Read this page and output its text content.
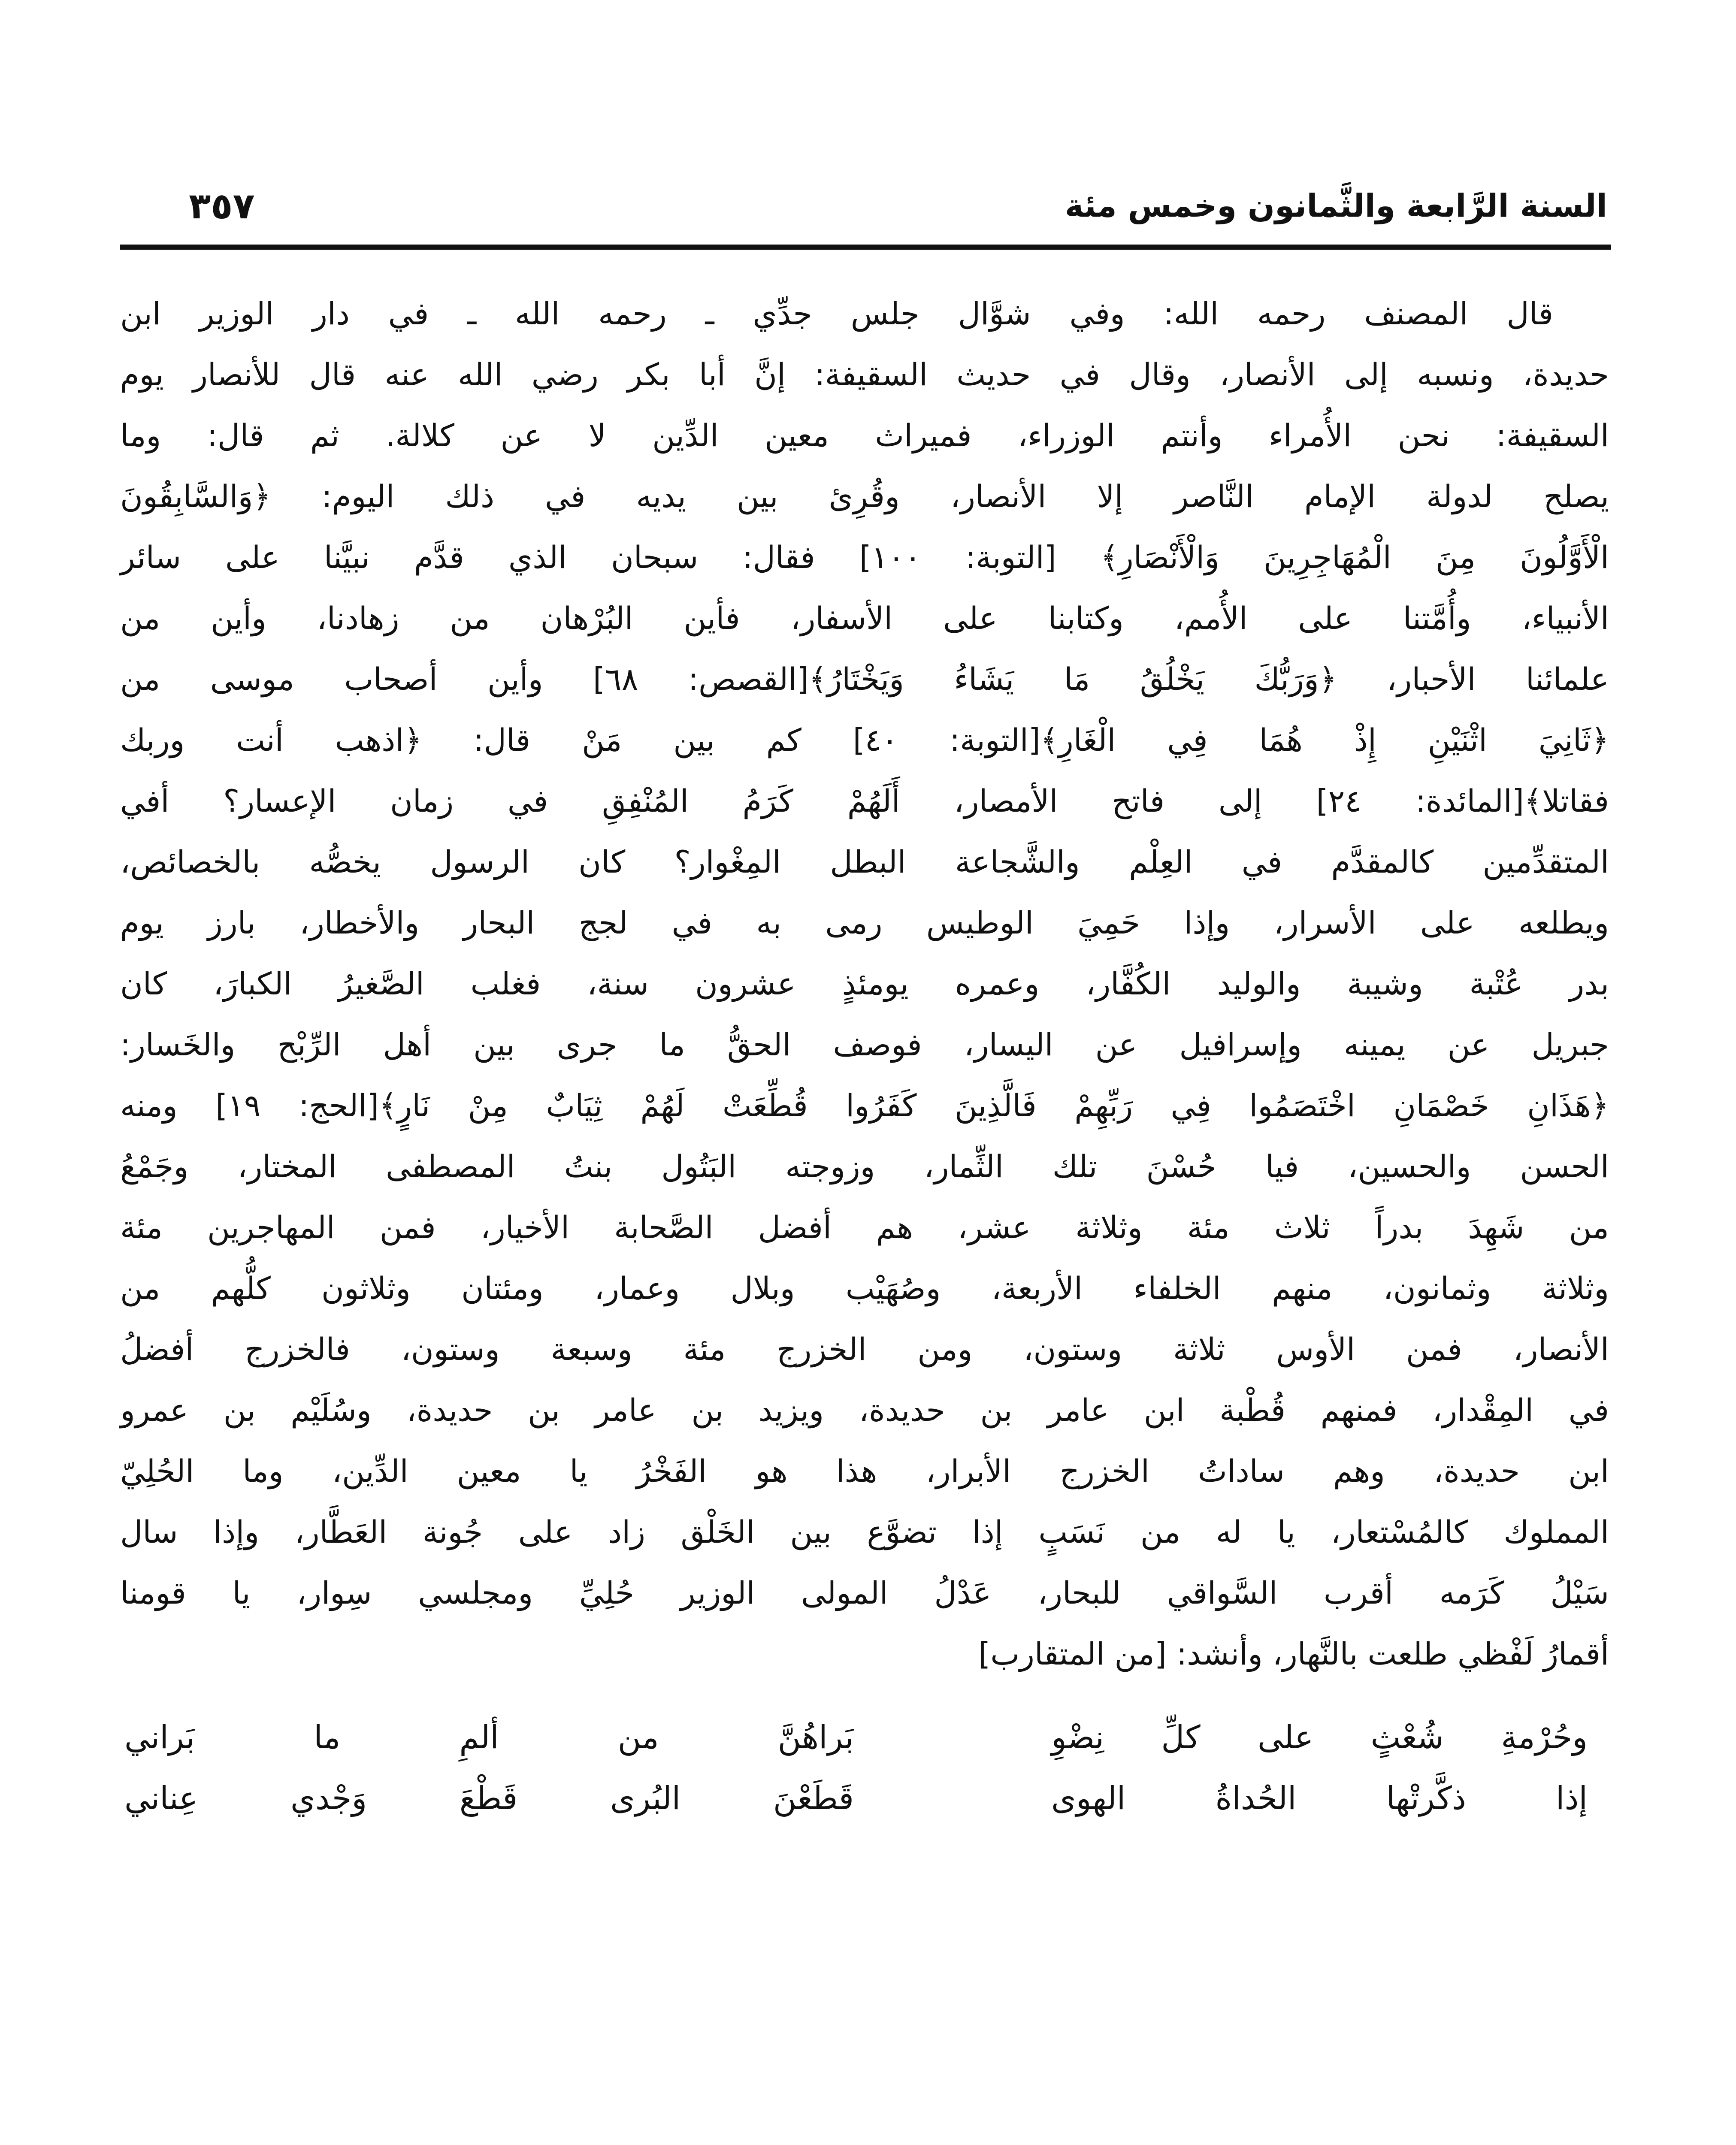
السنة الرَّابعة والثَّمانون وخمس مئة
٣٥٧
قال المصنف رحمه الله: وفي شوَّال جلس جدِّي ـ رحمه الله ـ في دار الوزير ابن
حديدة، ونسبه إلى الأنصار، وقال في حديث السقيفة: إنَّ أبا بكر رضي الله عنه قال للأنصار يوم
السقيفة: نحن الأُمراء وأنتم الوزراء، فميراث معين الدِّين لا عن كلالة. ثم قال: وما
يصلح لدولة الإمام النَّاصر إلا الأنصار، وقُرِئ بين يديه في ذلك اليوم: ﴿وَالسَّابِقُونَ
الْأَوَّلُونَ مِنَ الْمُهَاجِرِينَ وَالْأَنْصَارِ﴾ [التوبة: ١٠٠] فقال: سبحان الذي قدَّم نبيَّنا على سائر
الأنبياء، وأُمَّتنا على الأُمم، وكتابنا على الأسفار، فأين البُرْهان من زهادنا، وأين من
علمائنا الأحبار، ﴿وَرَبُّكَ يَخْلُقُ مَا يَشَاءُ وَيَخْتَارُ﴾[القصص: ٦٨] وأين أصحاب موسى من
﴿ثَانِيَ اثْنَيْنِ إِذْ هُمَا فِي الْغَارِ﴾[التوبة: ٤٠] كم بين مَنْ قال: ﴿اذهب أنت وربك
فقاتلا﴾[المائدة: ٢٤] إلى فاتح الأمصار، أَلَهُمْ كَرَمُ المُنْفِقِ في زمان الإعسار؟ أفي
المتقدِّمين كالمقدَّم في العِلْم والشَّجاعة البطل المِغْوار؟ كان الرسول يخصُّه بالخصائص،
ويطلعه على الأسرار، وإذا حَمِيَ الوطيس رمى به في لجج البحار والأخطار، بارز يوم
بدر عُتْبة وشيبة والوليد الكُفَّار، وعمره يومئذٍ عشرون سنة، فغلب الصَّغيرُ الكبارَ، كان
جبريل عن يمينه وإسرافيل عن اليسار، فوصف الحقُّ ما جرى بين أهل الرِّبْح والخَسار:
﴿هَذَانِ خَصْمَانِ اخْتَصَمُوا فِي رَبِّهِمْ فَالَّذِينَ كَفَرُوا قُطِّعَتْ لَهُمْ ثِيَابٌ مِنْ نَارٍ﴾[الحج: ١٩] ومنه
الحسن والحسين، فيا حُسْنَ تلك الثِّمار، وزوجته البَتُول بنتُ المصطفى المختار، وجَمْعُ
من شَهِدَ بدراً ثلاث مئة وثلاثة عشر، هم أفضل الصَّحابة الأخيار، فمن المهاجرين مئة
وثلاثة وثمانون، منهم الخلفاء الأربعة، وصُهَيْب وبلال وعمار، ومئتان وثلاثون كلُّهم من
الأنصار، فمن الأوس ثلاثة وستون، ومن الخزرج مئة وسبعة وستون، فالخزرج أفضلُ
في المِقْدار، فمنهم قُطْبة ابن عامر بن حديدة، ويزيد بن عامر بن حديدة، وسُلَيْم بن عمرو
ابن حديدة، وهم ساداتُ الخزرج الأبرار، هذا هو الفَخْرُ يا معين الدِّين، وما الحُلِيّ
المملوك كالمُسْتعار، يا له من نَسَبٍ إذا تضوَّع بين الخَلْق زاد على جُونة العَطَّار، وإذا سال
سَيْلُ كَرَمه أقرب السَّواقي للبحار، عَدْلُ المولى الوزير حُلِيِّ ومجلسي سِوار، يا قومنا
أقمارُ لَفْظي طلعت بالنَّهار، وأنشد: [من المتقارب]
وحُرْمةِ شُعْثٍ على كلِّ نِضْوِ
بَراهُنَّ من ألمِ ما بَراني
إذا ذكَّرتْها الحُداةُ الهوى
قَطَعْنَ البُرى قَطْعَ وَجْدي عِناني
